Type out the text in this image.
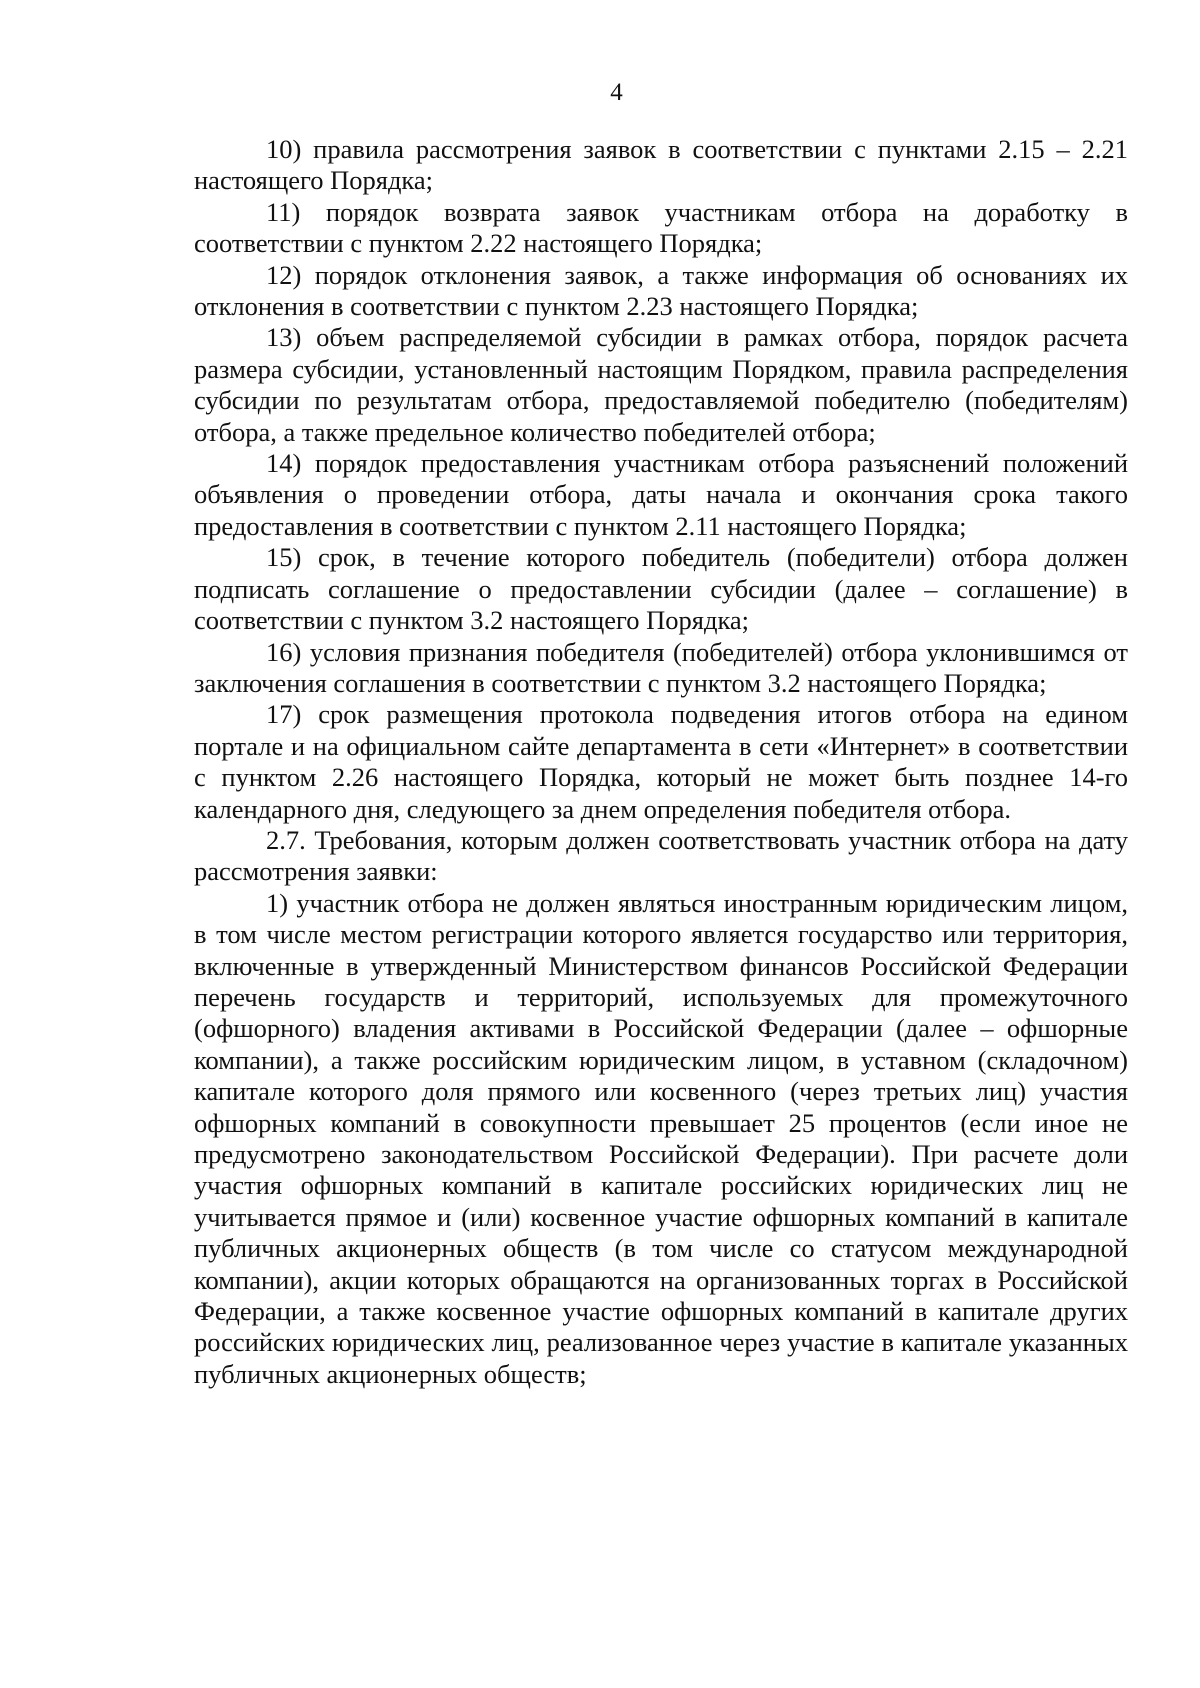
4

10) правила рассмотрения заявок в соответствии с пунктами 2.15 – 2.21 настоящего Порядка;

11) порядок возврата заявок участникам отбора на доработку в соответствии с пунктом 2.22 настоящего Порядка;

12) порядок отклонения заявок, а также информация об основаниях их отклонения в соответствии с пунктом 2.23 настоящего Порядка;

13) объем распределяемой субсидии в рамках отбора, порядок расчета размера субсидии, установленный настоящим Порядком, правила распределения субсидии по результатам отбора, предоставляемой победителю (победителям) отбора, а также предельное количество победителей отбора;

14) порядок предоставления участникам отбора разъяснений положений объявления о проведении отбора, даты начала и окончания срока такого предоставления в соответствии с пунктом 2.11 настоящего Порядка;

15) срок, в течение которого победитель (победители) отбора должен подписать соглашение о предоставлении субсидии (далее – соглашение) в соответствии с пунктом 3.2 настоящего Порядка;

16) условия признания победителя (победителей) отбора уклонившимся от заключения соглашения в соответствии с пунктом 3.2 настоящего Порядка;

17) срок размещения протокола подведения итогов отбора на едином портале и на официальном сайте департамента в сети «Интернет» в соответствии с пунктом 2.26 настоящего Порядка, который не может быть позднее 14-го календарного дня, следующего за днем определения победителя отбора.

2.7. Требования, которым должен соответствовать участник отбора на дату рассмотрения заявки:

1) участник отбора не должен являться иностранным юридическим лицом, в том числе местом регистрации которого является государство или территория, включенные в утвержденный Министерством финансов Российской Федерации перечень государств и территорий, используемых для промежуточного (офшорного) владения активами в Российской Федерации (далее – офшорные компании), а также российским юридическим лицом, в уставном (складочном) капитале которого доля прямого или косвенного (через третьих лиц) участия офшорных компаний в совокупности превышает 25 процентов (если иное не предусмотрено законодательством Российской Федерации). При расчете доли участия офшорных компаний в капитале российских юридических лиц не учитывается прямое и (или) косвенное участие офшорных компаний в капитале публичных акционерных обществ (в том числе со статусом международной компании), акции которых обращаются на организованных торгах в Российской Федерации, а также косвенное участие офшорных компаний в капитале других российских юридических лиц, реализованное через участие в капитале указанных публичных акционерных обществ;
